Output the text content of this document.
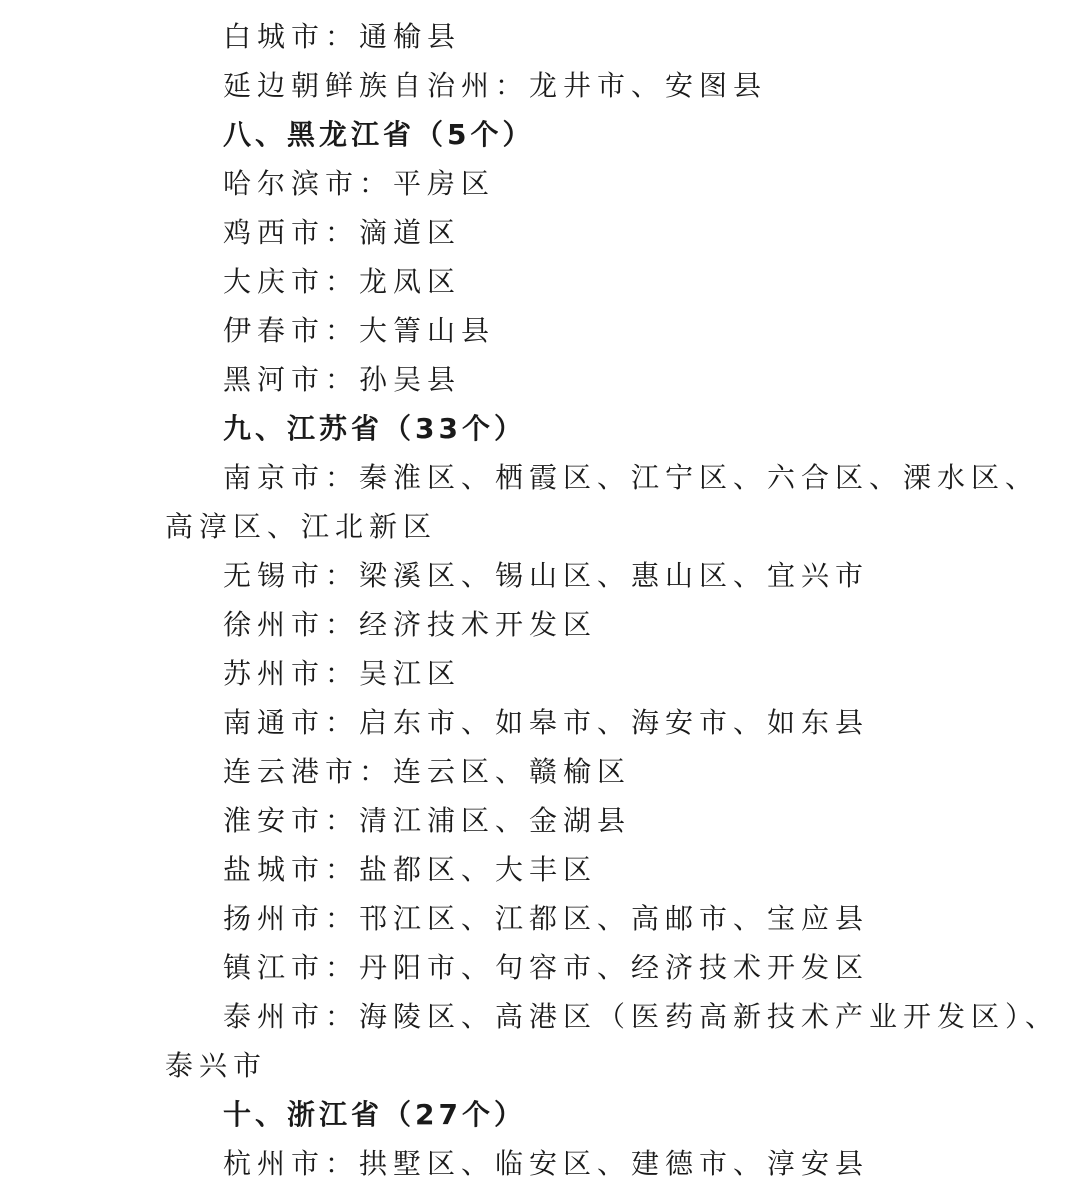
白城市：通榆县
延边朝鲜族自治州：龙井市、安图县
八、黑龙江省（5个）
哈尔滨市：平房区
鸡西市：滴道区
大庆市：龙凤区
伊春市：大箐山县
黑河市：孙吴县
九、江苏省（33个）
南京市：秦淮区、栖霞区、江宁区、六合区、溧水区、
高淳区、江北新区
无锡市：梁溪区、锡山区、惠山区、宜兴市
徐州市：经济技术开发区
苏州市：吴江区
南通市：启东市、如皋市、海安市、如东县
连云港市：连云区、赣榆区
淮安市：清江浦区、金湖县
盐城市：盐都区、大丰区
扬州市：邗江区、江都区、高邮市、宝应县
镇江市：丹阳市、句容市、经济技术开发区
泰州市：海陵区、高港区（医药高新技术产业开发区）、
泰兴市
十、浙江省（27个）
杭州市：拱墅区、临安区、建德市、淳安县
